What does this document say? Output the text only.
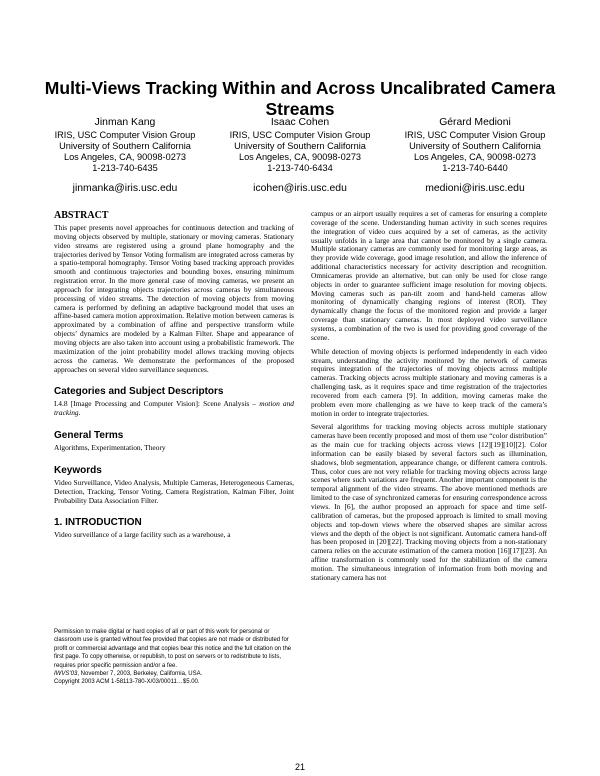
Multi-Views Tracking Within and Across Uncalibrated Camera Streams
Jinman Kang
IRIS, USC Computer Vision Group
University of Southern California
Los Angeles, CA, 90098-0273
1-213-740-6435
jinmanka@iris.usc.edu
Isaac Cohen
IRIS, USC Computer Vision Group
University of Southern California
Los Angeles, CA, 90098-0273
1-213-740-6434
icohen@iris.usc.edu
Gérard Medioni
IRIS, USC Computer Vision Group
University of Southern California
Los Angeles, CA, 90098-0273
1-213-740-6440
medioni@iris.usc.edu
ABSTRACT

This paper presents novel approaches for continuous detection and tracking of moving objects observed by multiple, stationary or moving cameras. Stationary video streams are registered using a ground plane homography and the trajectories derived by Tensor Voting formalism are integrated across cameras by a spatio-temporal homography. Tensor Voting based tracking approach provides smooth and continuous trajectories and bounding boxes, ensuring minimum registration error. In the more general case of moving cameras, we present an approach for integrating objects trajectories across cameras by simultaneous processing of video streams. The detection of moving objects from moving camera is performed by defining an adaptive background model that uses an affine-based camera motion approximation. Relative motion between cameras is approximated by a combination of affine and perspective transform while objects’ dynamics are modeled by a Kalman Filter. Shape and appearance of moving objects are also taken into account using a probabilistic framework. The maximization of the joint probability model allows tracking moving objects across the cameras. We demonstrate the performances of the proposed approaches on several video surveillance sequences.

Categories and Subject Descriptors

I.4.8 [Image Processing and Computer Vision]: Scene Analysis – motion and tracking.

General Terms

Algorithms, Experimentation, Theory

Keywords

Video Surveillance, Video Analysis, Multiple Cameras, Heterogeneous Cameras, Detection, Tracking, Tensor Voting, Camera Registration, Kalman Filter, Joint Probability Data Association Filter.

1. INTRODUCTION

Video surveillance of a large facility such as a warehouse, a

Permission to make digital or hard copies of all or part of this work for personal or classroom use is granted without fee provided that copies are not made or distributed for profit or commercial advantage and that copies bear this notice and the full citation on the first page. To copy otherwise, or republish, to post on servers or to redistribute to lists, requires prior specific permission and/or a fee.

IWVS’03, November 7, 2003, Berkeley, California, USA.

Copyright 2003 ACM 1-58113-780-X/03/00011…$5.00.

campus or an airport usually requires a set of cameras for ensuring a complete coverage of the scene. Understanding human activity in such scenes requires the integration of video cues acquired by a set of cameras, as the activity usually unfolds in a large area that cannot be monitored by a single camera. Multiple stationary cameras are commonly used for monitoring large areas, as they provide wide coverage, good image resolution, and allow the inference of additional characteristics necessary for activity description and recognition. Omnicameras provide an alternative, but can only be used for close range objects in order to guarantee sufficient image resolution for moving objects. Moving cameras such as pan-tilt zoom and hand-held cameras allow monitoring of dynamically changing regions of interest (ROI). They dynamically change the focus of the monitored region and provide a larger coverage than stationary cameras. In most deployed video surveillance systems, a combination of the two is used for providing good coverage of the scene.

While detection of moving objects is performed independently in each video stream, understanding the activity monitored by the network of cameras requires integration of the trajectories of moving objects across multiple cameras. Tracking objects across multiple stationary and moving cameras is a challenging task, as it requires space and time registration of the trajectories recovered from each camera [9]. In addition, moving cameras make the problem even more challenging as we have to keep track of the camera’s motion in order to integrate trajectories.

Several algorithms for tracking moving objects across multiple stationary cameras have been recently proposed and most of them use “color distribution” as the main cue for tracking objects across views [12][19][10][2]. Color information can be easily biased by several factors such as illumination, shadows, blob segmentation, appearance change, or different camera controls. Thus, color cues are not very reliable for tracking moving objects across large scenes where such variations are frequent. Another important component is the temporal alignment of the video streams. The above mentioned methods are limited to the case of synchronized cameras for ensuring correspondence across views. In [6], the author proposed an approach for space and time self-calibration of cameras, but the proposed approach is limited to small moving objects and top-down views where the observed shapes are similar across views and the depth of the object is not significant. Automatic camera hand-off has been proposed in [20][22]. Tracking moving objects from a non-stationary camera relies on the accurate estimation of the camera motion [16][17][23]. An affine transformation is commonly used for the stabilization of the camera motion. The simultaneous integration of information from both moving and stationary camera has not

21
